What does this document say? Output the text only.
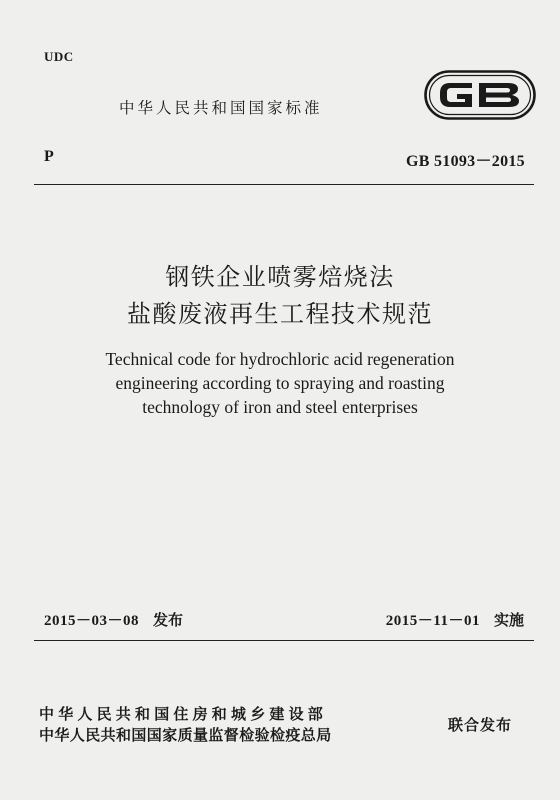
UDC
中华人民共和国国家标准
P	GB 51093－2015
钢铁企业喷雾焙烧法
盐酸废液再生工程技术规范
Technical code for hydrochloric acid regeneration
engineering according to spraying and roasting
technology of iron and steel enterprises
2015－03－08 发布	2015－11－01 实施
中华人民共和国住房和城乡建设部
中华人民共和国国家质量监督检验检疫总局
联合发布
